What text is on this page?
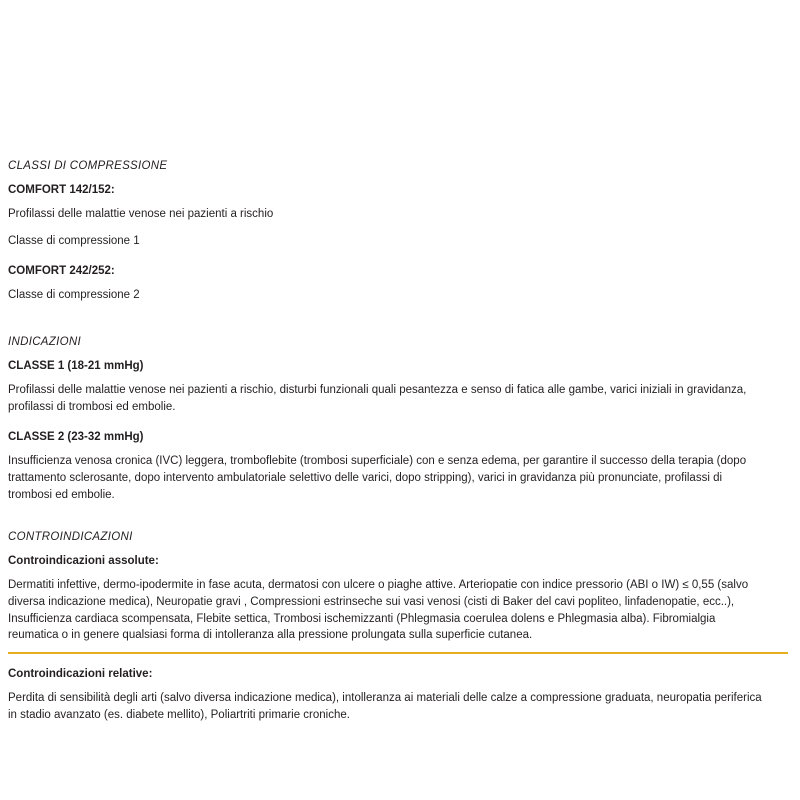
CLASSI DI COMPRESSIONE
COMFORT 142/152:
Profilassi delle malattie venose nei pazienti a rischio
Classe di compressione 1
COMFORT 242/252:
Classe di compressione 2
INDICAZIONI
CLASSE 1 (18-21 mmHg)
Profilassi delle malattie venose nei pazienti a rischio, disturbi funzionali quali pesantezza e senso di fatica alle gambe, varici iniziali in gravidanza, profilassi di trombosi ed embolie.
CLASSE 2 (23-32 mmHg)
Insufficienza venosa cronica (IVC) leggera, tromboflebite (trombosi superficiale) con e senza edema, per garantire il successo della terapia (dopo trattamento sclerosante, dopo intervento ambulatoriale selettivo delle varici, dopo stripping), varici in gravidanza più pronunciate, profilassi di trombosi ed embolie.
CONTROINDICAZIONI
Controindicazioni assolute:
Dermatiti infettive, dermo-ipodermite in fase acuta, dermatosi con ulcere o piaghe attive. Arteriopatie con indice pressorio (ABI o IW) ≤ 0,55 (salvo diversa indicazione medica), Neuropatie gravi , Compressioni estrinseche sui vasi venosi (cisti di Baker del cavi popliteo, linfadenopatie, ecc..), Insufficienza cardiaca scompensata, Flebite settica, Trombosi ischemizzanti (Phlegmasia coerulea dolens e Phlegmasia alba). Fibromialgia reumatica o in genere qualsiasi forma di intolleranza alla pressione prolungata sulla superficie cutanea.
Controindicazioni relative:
Perdita di sensibilità degli arti (salvo diversa indicazione medica), intolleranza ai materiali delle calze a compressione graduata, neuropatia periferica in stadio avanzato (es. diabete mellito), Poliartriti primarie croniche.
